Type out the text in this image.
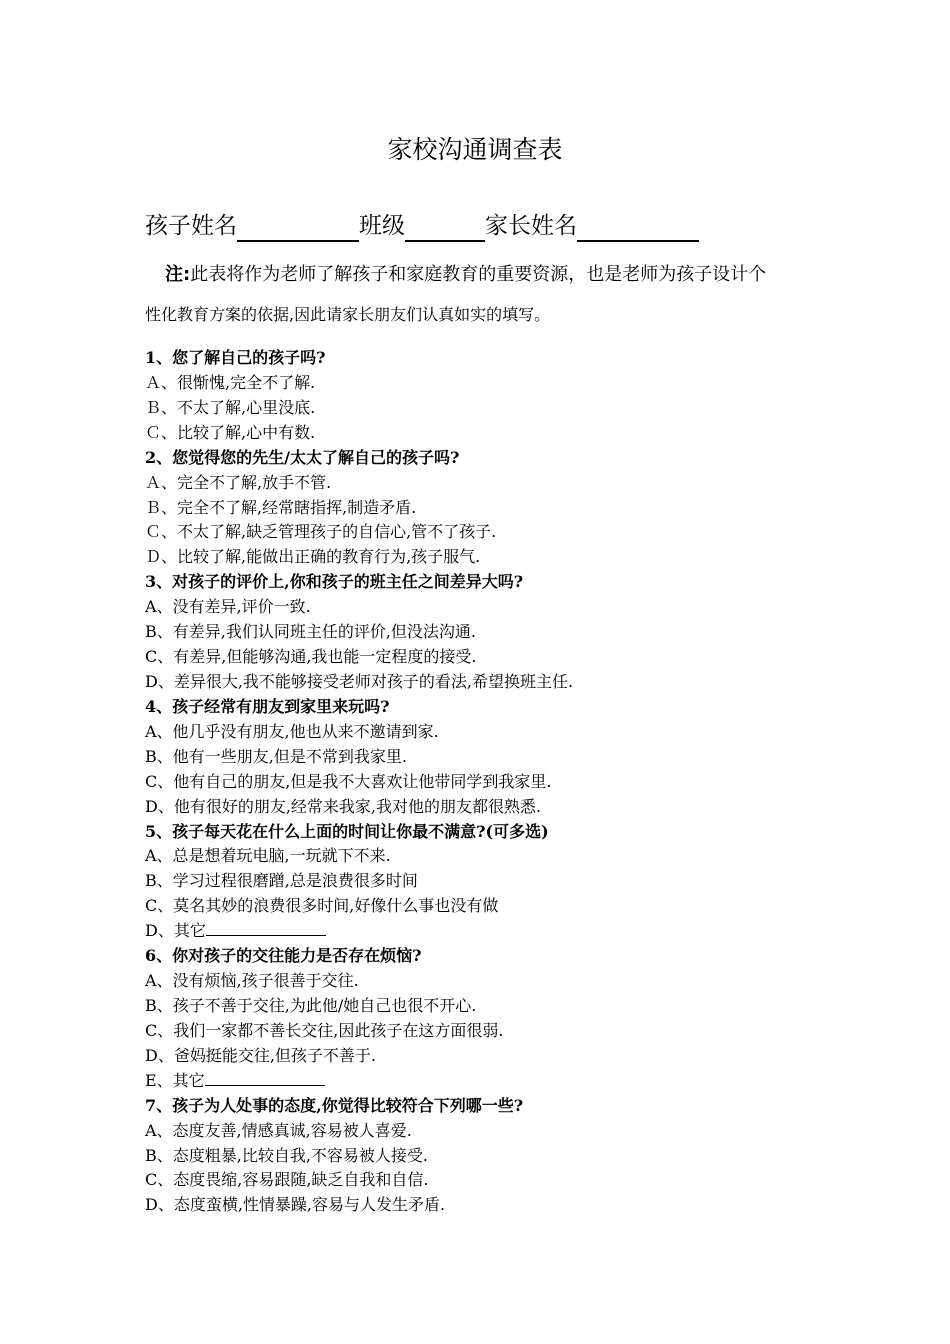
家校沟通调查表
孩子姓名	班级	家长姓名
注:此表将作为老师了解孩子和家庭教育的重要资源，也是老师为孩子设计个
性化教育方案的依据,因此请家长朋友们认真如实的填写。
1、您了解自己的孩子吗?
Ａ、很惭愧,完全不了解.
Ｂ、不太了解,心里没底.
Ｃ、比较了解,心中有数.
2、您觉得您的先生/太太了解自己的孩子吗?
Ａ、完全不了解,放手不管.
Ｂ、完全不了解,经常瞎指挥,制造矛盾.
Ｃ、不太了解,缺乏管理孩子的自信心,管不了孩子.
Ｄ、比较了解,能做出正确的教育行为,孩子服气.
3、对孩子的评价上,你和孩子的班主任之间差异大吗?
A、没有差异,评价一致.
B、有差异,我们认同班主任的评价,但没法沟通.
C、有差异,但能够沟通,我也能一定程度的接受.
D、差异很大,我不能够接受老师对孩子的看法,希望换班主任.
4、孩子经常有朋友到家里来玩吗?
A、他几乎没有朋友,他也从来不邀请到家.
B、他有一些朋友,但是不常到我家里.
C、他有自己的朋友,但是我不大喜欢让他带同学到我家里.
D、他有很好的朋友,经常来我家,我对他的朋友都很熟悉.
5、孩子每天花在什么上面的时间让你最不满意?(可多选)
A、总是想着玩电脑,一玩就下不来.
B、学习过程很磨蹭,总是浪费很多时间
C、莫名其妙的浪费很多时间,好像什么事也没有做
D、其它
6、你对孩子的交往能力是否存在烦恼?
A、没有烦恼,孩子很善于交往.
B、孩子不善于交往,为此他/她自己也很不开心.
C、我们一家都不善长交往,因此孩子在这方面很弱.
D、爸妈挺能交往,但孩子不善于.
E、其它
7、孩子为人处事的态度,你觉得比较符合下列哪一些?
A、态度友善,情感真诚,容易被人喜爱.
B、态度粗暴,比较自我,不容易被人接受.
C、态度畏缩,容易跟随,缺乏自我和自信.
D、态度蛮横,性情暴躁,容易与人发生矛盾.
